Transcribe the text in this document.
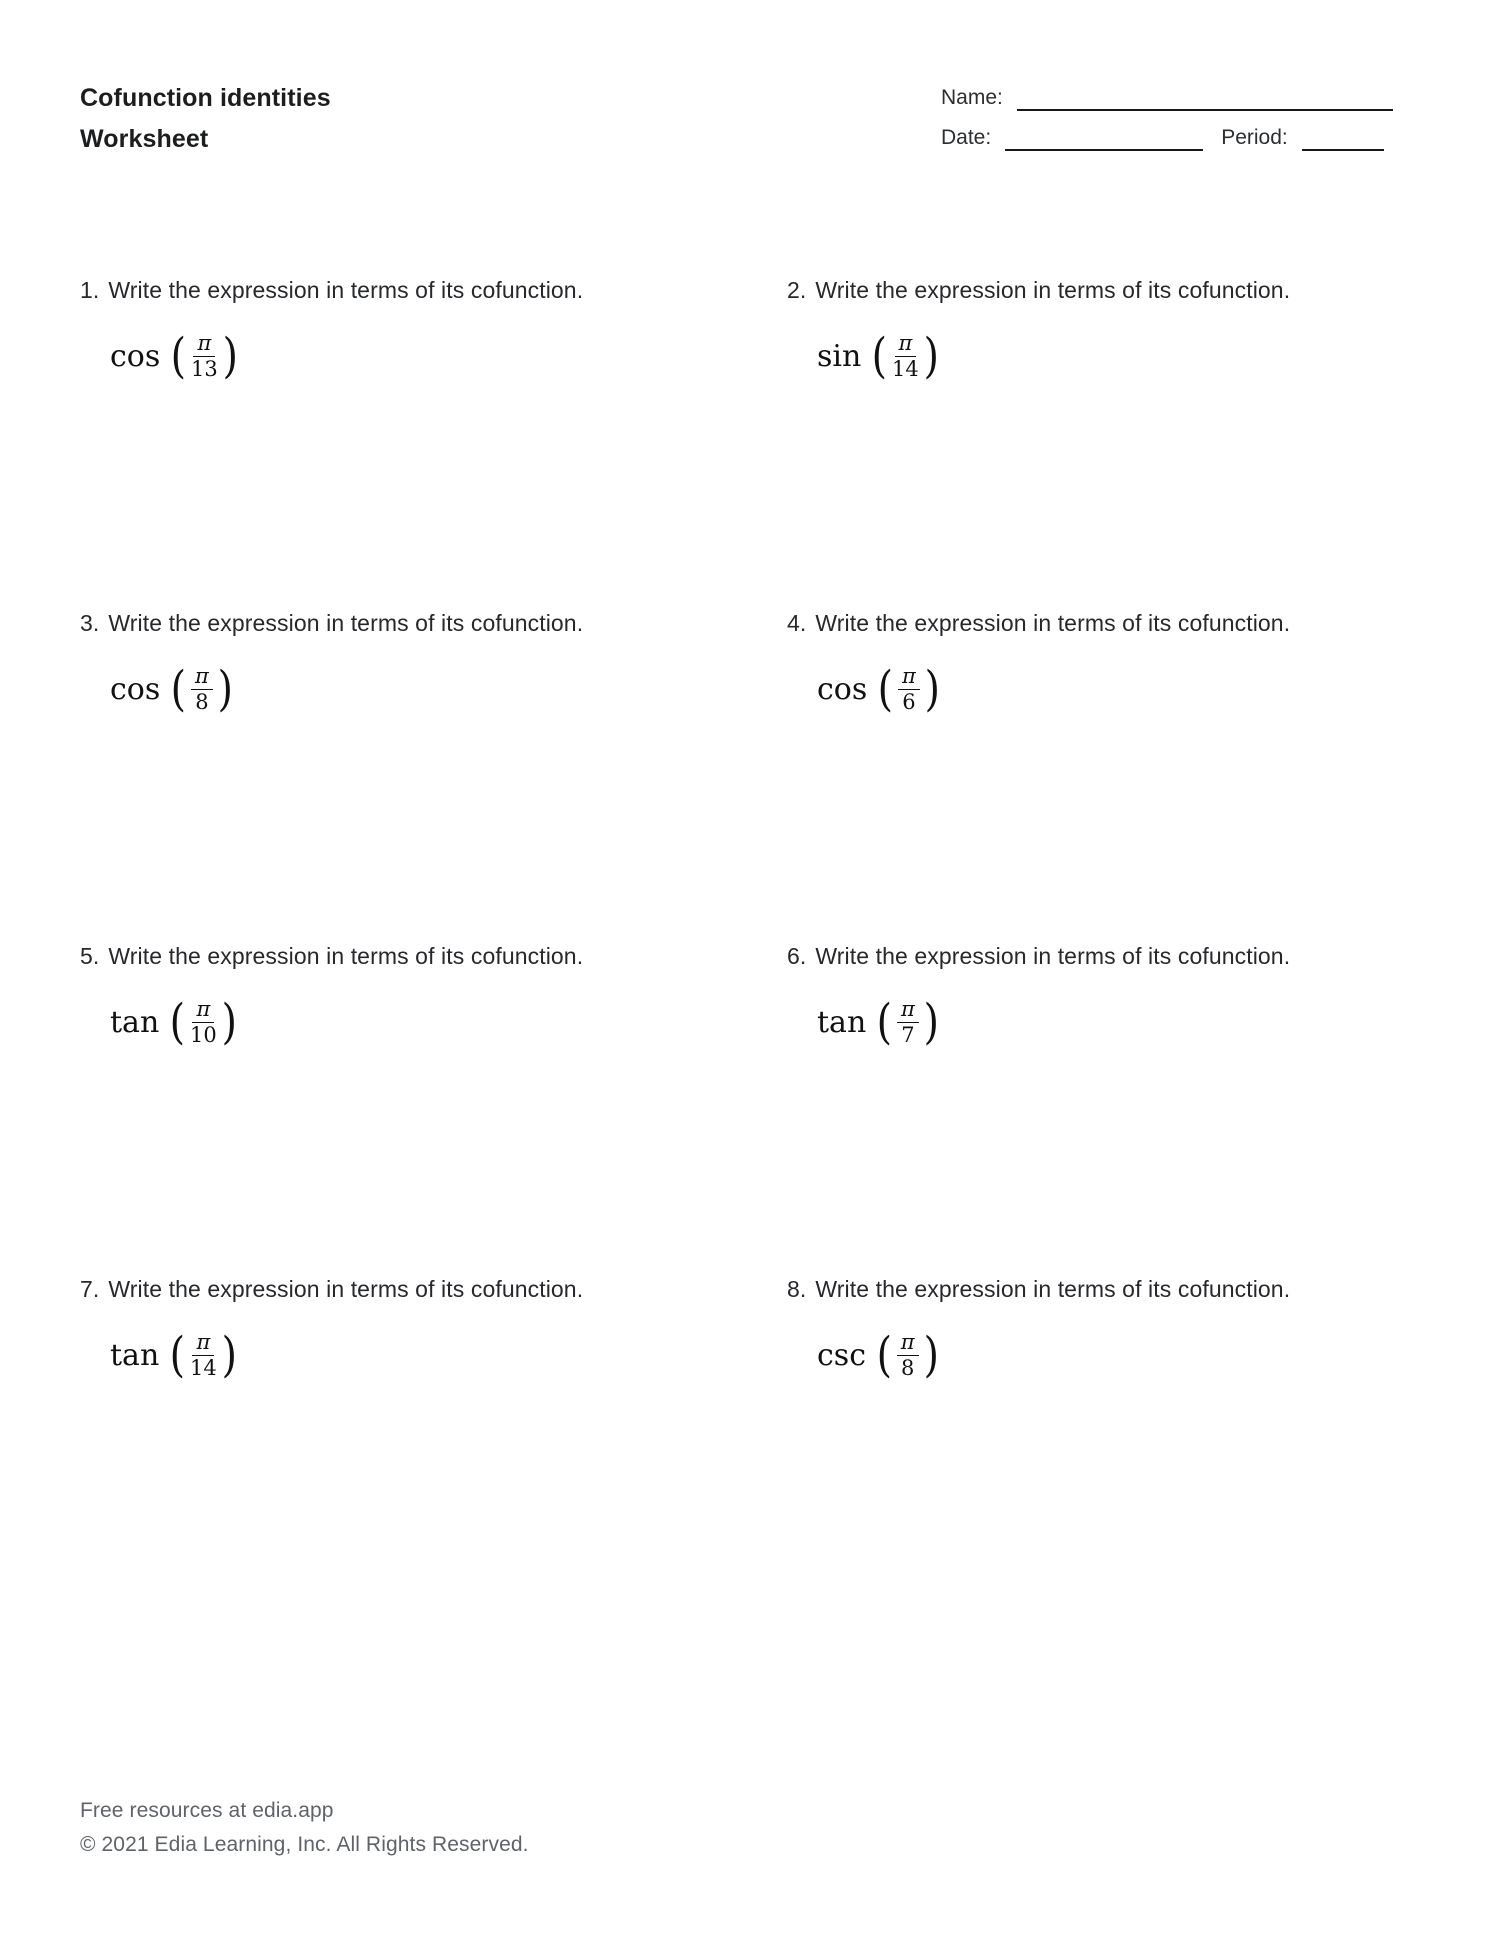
Cofunction identities
Worksheet
Name:
Date:	Period:
1. Write the expression in terms of its cofunction.
cos ( $\frac{\pi}{13}$ )
2. Write the expression in terms of its cofunction.
sin ( $\frac{\pi}{14}$ )
3. Write the expression in terms of its cofunction.
cos ( $\frac{\pi}{8}$ )
4. Write the expression in terms of its cofunction.
cos ( $\frac{\pi}{6}$ )
5. Write the expression in terms of its cofunction.
tan ( $\frac{\pi}{10}$ )
6. Write the expression in terms of its cofunction.
tan ( $\frac{\pi}{7}$ )
7. Write the expression in terms of its cofunction.
tan ( $\frac{\pi}{14}$ )
8. Write the expression in terms of its cofunction.
csc ( $\frac{\pi}{8}$ )
Free resources at edia.app
© 2021 Edia Learning, Inc. All Rights Reserved.
